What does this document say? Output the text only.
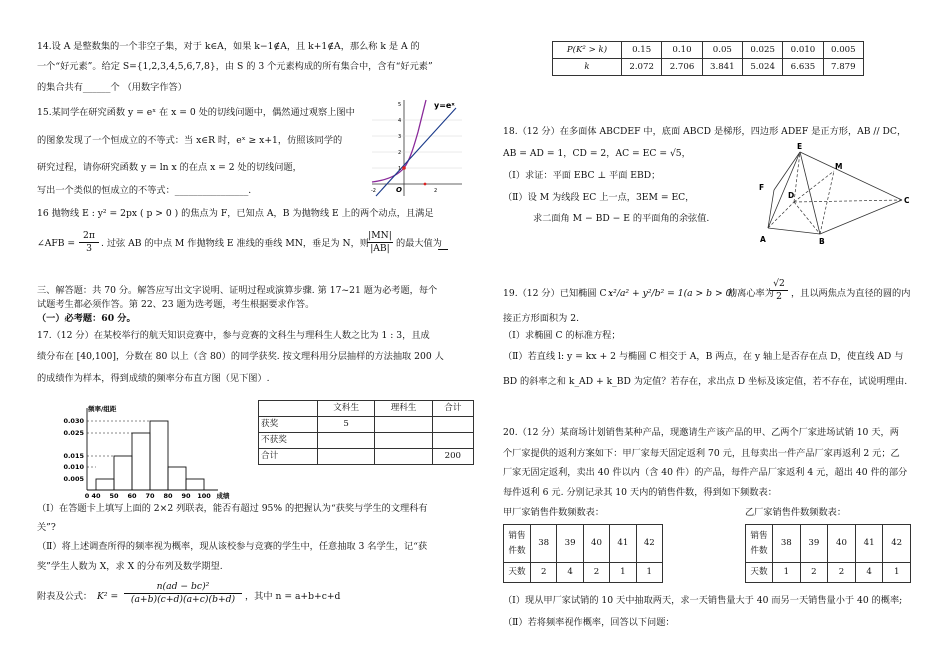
14.设 A 是整数集的一个非空子集，对于 k∈A，如果 k−1∉A，且 k+1∉A，那么称 k 是 A 的
一个“好元素”。给定 S={1,2,3,4,5,6,7,8}，由 S 的 3 个元素构成的所有集合中，含有“好元素”
的集合共有______个 （用数字作答）
15.某同学在研究函数 y = eˣ 在 x = 0 处的切线问题中，偶然通过观察上图中
的图象发现了一个恒成立的不等式：当 x∈R 时，eˣ ≥ x+1，仿照该同学的
研究过程，请你研究函数 y = ln x 的在点 x = 2 处的切线问题，
写出一个类似的恒成立的不等式：________________.
y=eˣ
O
-2	2
5
4
3
2
1
16 抛物线 E : y² = 2px ( p > 0 ) 的焦点为 F，已知点 A，B 为抛物线 E 上的两个动点，且满足
∠AFB = $\frac{2\pi}{3}$ . 过弦 AB 的中点 M 作抛物线 E 准线的垂线 MN，垂足为 N，则
$\frac{|MN|}{|AB|}$ 的最大值为
三、解答题：共 70 分。解答应写出文字说明、证明过程或演算步骤. 第 17~21 题为必考题，每个
试题考生都必须作答。第 22、23 题为选考题，考生根据要求作答。
（一）必考题：60 分。
17.（12 分）在某校举行的航天知识竞赛中，参与竞赛的文科生与理科生人数之比为 1 : 3，且成
绩分布在 [40,100]，分数在 80 以上（含 80）的同学获奖. 按文理科用分层抽样的方法抽取 200 人
的成绩作为样本，得到成绩的频率分布直方图（见下图）.
频率/组距
0.030
0.025
0.015
0.010
0.005
0 40 50 60 70 80 90 100 成绩
	文科生	理科生	合计
获奖	5		
不获奖			
合计			200
（Ⅰ）在答题卡上填写上面的 2×2 列联表，能否有超过 95% 的把握认为“获奖与学生的文理科有
关”?
（Ⅱ）将上述调查所得的频率视为概率，现从该校参与竞赛的学生中，任意抽取 3 名学生，记“获
奖”学生人数为 X，求 X 的分布列及数学期望.
附表及公式： $K^2 = \frac{\text{n(ad − bc)²}}{(a+b)(c+d)(a+c)(b+d)}$ ，其中 n = a+b+c+d
P(K² > k)	0.15	0.10	0.05	0.025	0.010	0.005
k	2.072	2.706	3.841	5.024	6.635	7.879
18.（12 分）在多面体 ABCDEF 中，底面 ABCD 是梯形，四边形 ADEF 是正方形，AB // DC，
AB = AD = 1，CD = 2，AC = EC = √5，
（Ⅰ）求证：平面 EBC ⊥ 平面 EBD；
（Ⅱ）设 M 为线段 EC 上一点，3EM = EC，
求二面角 M − BD − E 的平面角的余弦值.
E
F
D
C
M
A	B
19.（12 分）已知椭圆 C :
x²/a² + y²/b² = 1(a > b > 0)
的离心率为
$\frac{√2}{2}$ ，且以两焦点为直径的圆的内
接正方形面积为 2.
（Ⅰ）求椭圆 C 的标准方程；
（Ⅱ）若直线 l: y = kx + 2 与椭圆 C 相交于 A，B 两点，在 y 轴上是否存在点 D，使直线 AD 与
BD 的斜率之和 k_AD + k_BD 为定值？若存在，求出点 D 坐标及该定值，若不存在，试说明理由.
20.（12 分）某商场计划销售某种产品，现邀请生产该产品的甲、乙两个厂家进场试销 10 天，两
个厂家提供的返利方案如下：甲厂家每天固定返利 70 元，且每卖出一件产品厂家再返利 2 元；乙
厂家无固定返利，卖出 40 件以内（含 40 件）的产品，每件产品厂家返利 4 元，超出 40 件的部分
每件返利 6 元. 分别记录其 10 天内的销售件数，得到如下频数表：
甲厂家销售件数频数表：	乙厂家销售件数频数表：
销售件数	38	39	40	41	42
天数	2	4	2	1	1
销售件数	38	39	40	41	42
天数	1	2	2	4	1
（Ⅰ）现从甲厂家试销的 10 天中抽取两天，求一天销售量大于 40 而另一天销售量小于 40 的概率;
（Ⅱ）若将频率视作概率，回答以下问题：
